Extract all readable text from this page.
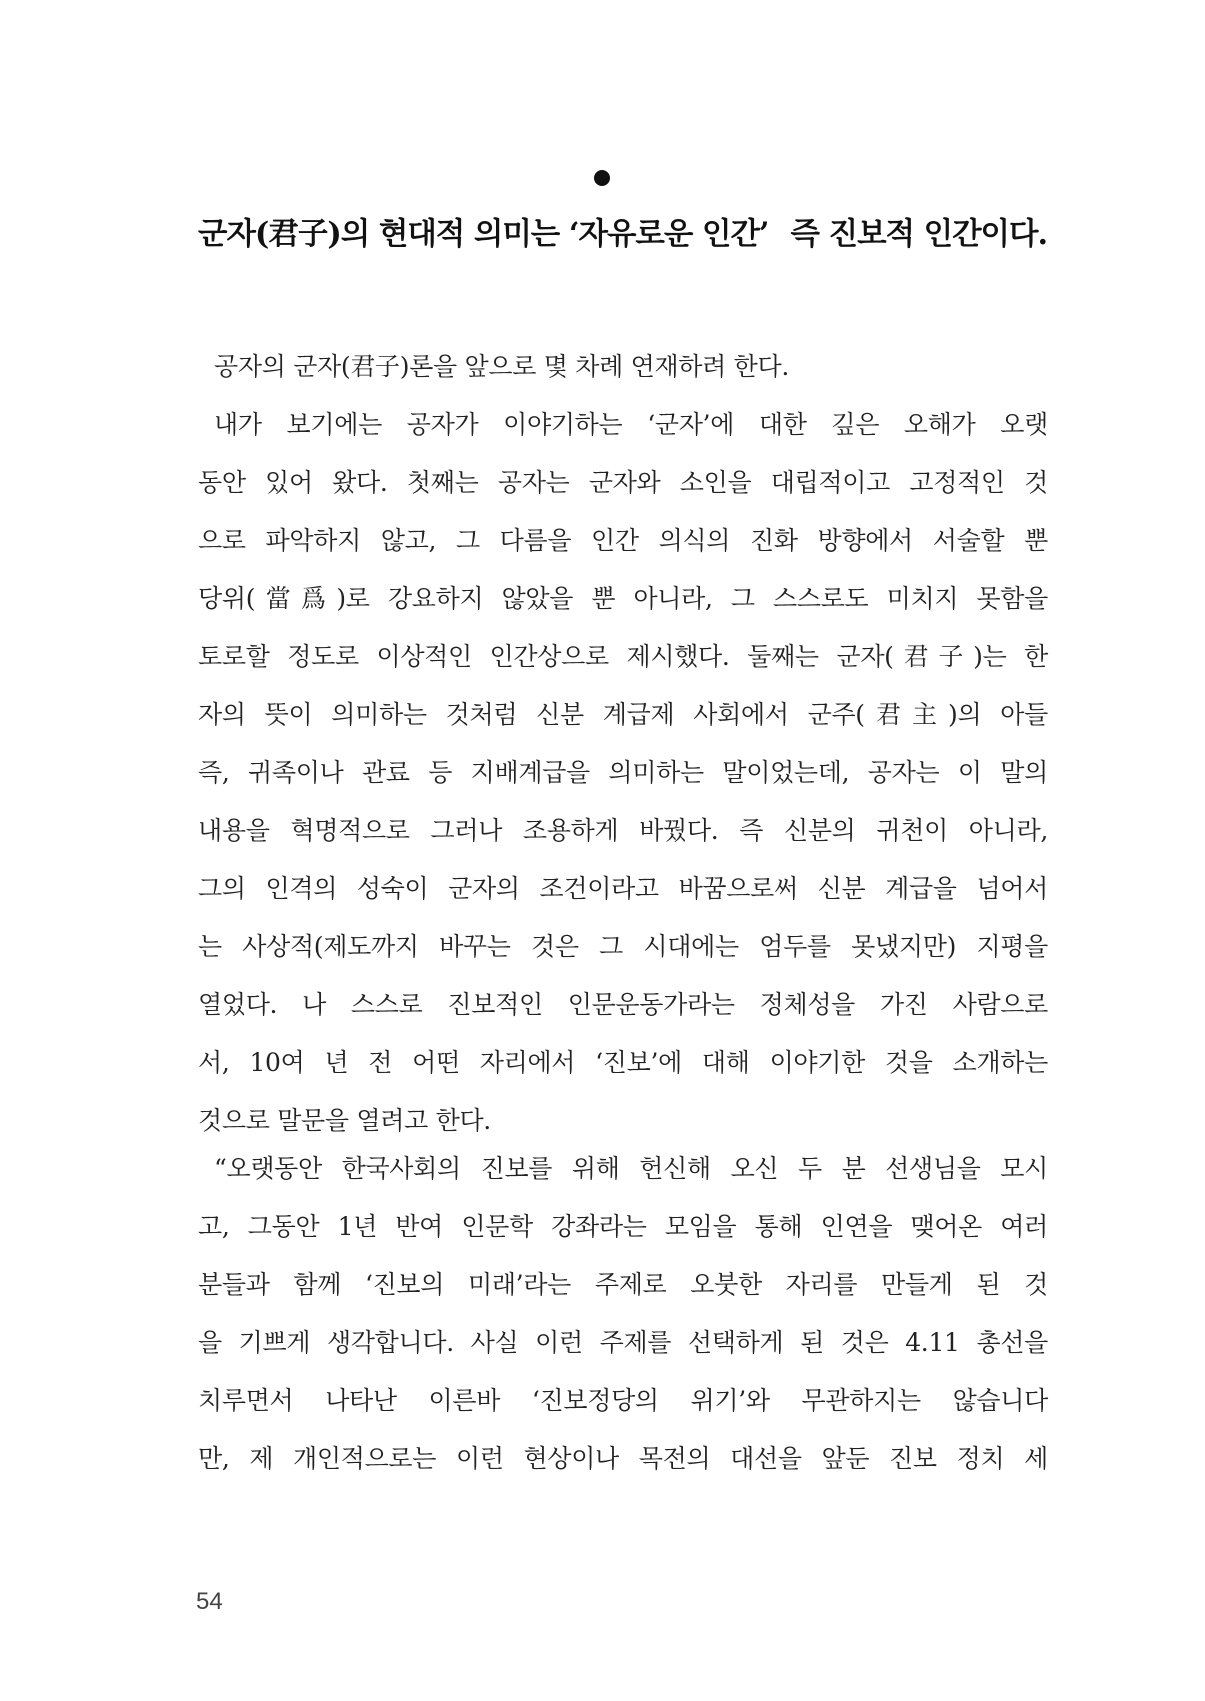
군자(君子)의 현대적 의미는 ‘자유로운 인간’ 즉 진보적 인간이다.
공자의 군자(君子)론을 앞으로 몇 차례 연재하려 한다.
내가 보기에는 공자가 이야기하는 ‘군자’에 대한 깊은 오해가 오랫
동안 있어 왔다. 첫째는 공자는 군자와 소인을 대립적이고 고정적인 것
으로 파악하지 않고, 그 다름을 인간 의식의 진화 방향에서 서술할 뿐
당위(當爲)로 강요하지 않았을 뿐 아니라, 그 스스로도 미치지 못함을
토로할 정도로 이상적인 인간상으로 제시했다. 둘째는 군자(君子)는 한
자의 뜻이 의미하는 것처럼 신분 계급제 사회에서 군주(君主)의 아들
즉, 귀족이나 관료 등 지배계급을 의미하는 말이었는데, 공자는 이 말의
내용을 혁명적으로 그러나 조용하게 바꿨다. 즉 신분의 귀천이 아니라,
그의 인격의 성숙이 군자의 조건이라고 바꿈으로써 신분 계급을 넘어서
는 사상적(제도까지 바꾸는 것은 그 시대에는 엄두를 못냈지만) 지평을
열었다. 나 스스로 진보적인 인문운동가라는 정체성을 가진 사람으로
서, 10여 년 전 어떤 자리에서 ‘진보’에 대해 이야기한 것을 소개하는
것으로 말문을 열려고 한다.
“오랫동안 한국사회의 진보를 위해 헌신해 오신 두 분 선생님을 모시
고, 그동안 1년 반여 인문학 강좌라는 모임을 통해 인연을 맺어온 여러
분들과 함께 ‘진보의 미래’라는 주제로 오붓한 자리를 만들게 된 것
을 기쁘게 생각합니다. 사실 이런 주제를 선택하게 된 것은 4.11 총선을
치루면서 나타난 이른바 ‘진보정당의 위기’와 무관하지는 않습니다
만, 제 개인적으로는 이런 현상이나 목전의 대선을 앞둔 진보 정치 세

54
